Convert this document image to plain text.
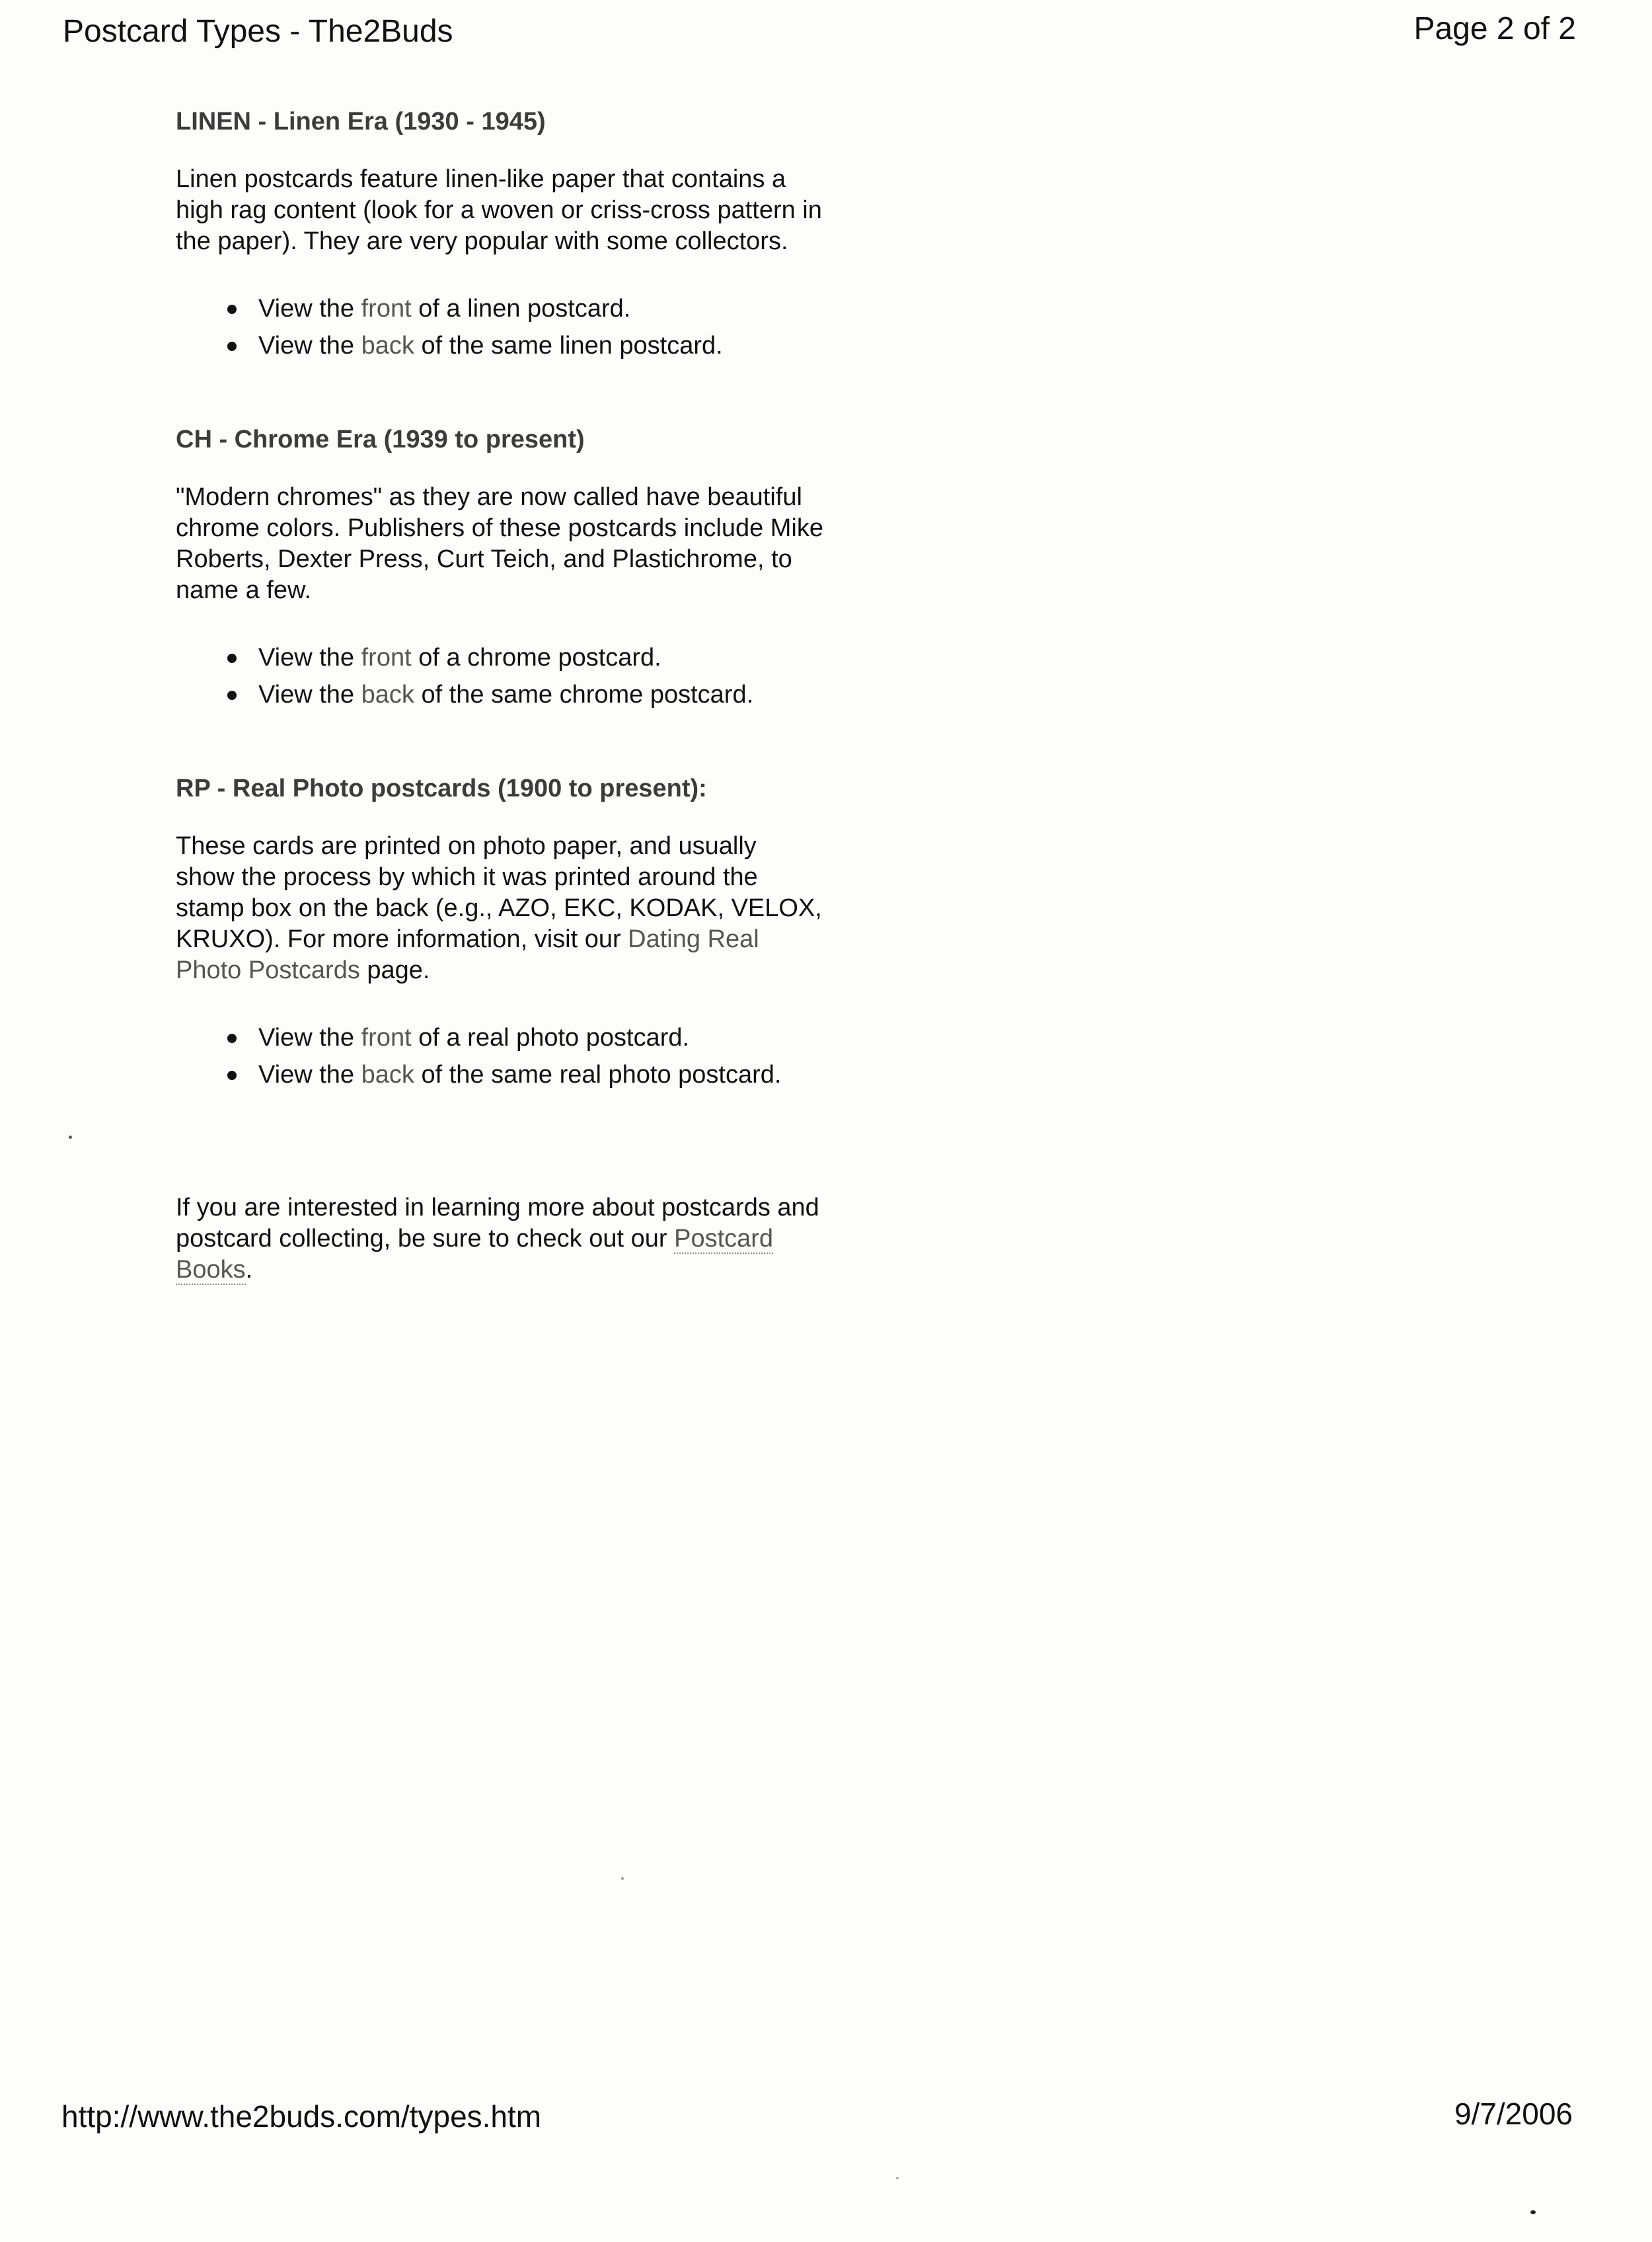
Postcard Types - The2Buds	Page 2 of 2
LINEN - Linen Era (1930 - 1945)

Linen postcards feature linen-like paper that contains a
high rag content (look for a woven or criss-cross pattern in
the paper). They are very popular with some collectors.

View the front of a linen postcard.
View the back of the same linen postcard.
CH - Chrome Era (1939 to present)

"Modern chromes" as they are now called have beautiful
chrome colors. Publishers of these postcards include Mike
Roberts, Dexter Press, Curt Teich, and Plastichrome, to
name a few.

View the front of a chrome postcard.
View the back of the same chrome postcard.
RP - Real Photo postcards (1900 to present):

These cards are printed on photo paper, and usually
show the process by which it was printed around the
stamp box on the back (e.g., AZO, EKC, KODAK, VELOX,
KRUXO). For more information, visit our Dating Real
Photo Postcards page.

View the front of a real photo postcard.
View the back of the same real photo postcard.

If you are interested in learning more about postcards and
postcard collecting, be sure to check out our Postcard
Books.

http://www.the2buds.com/types.htm	9/7/2006
